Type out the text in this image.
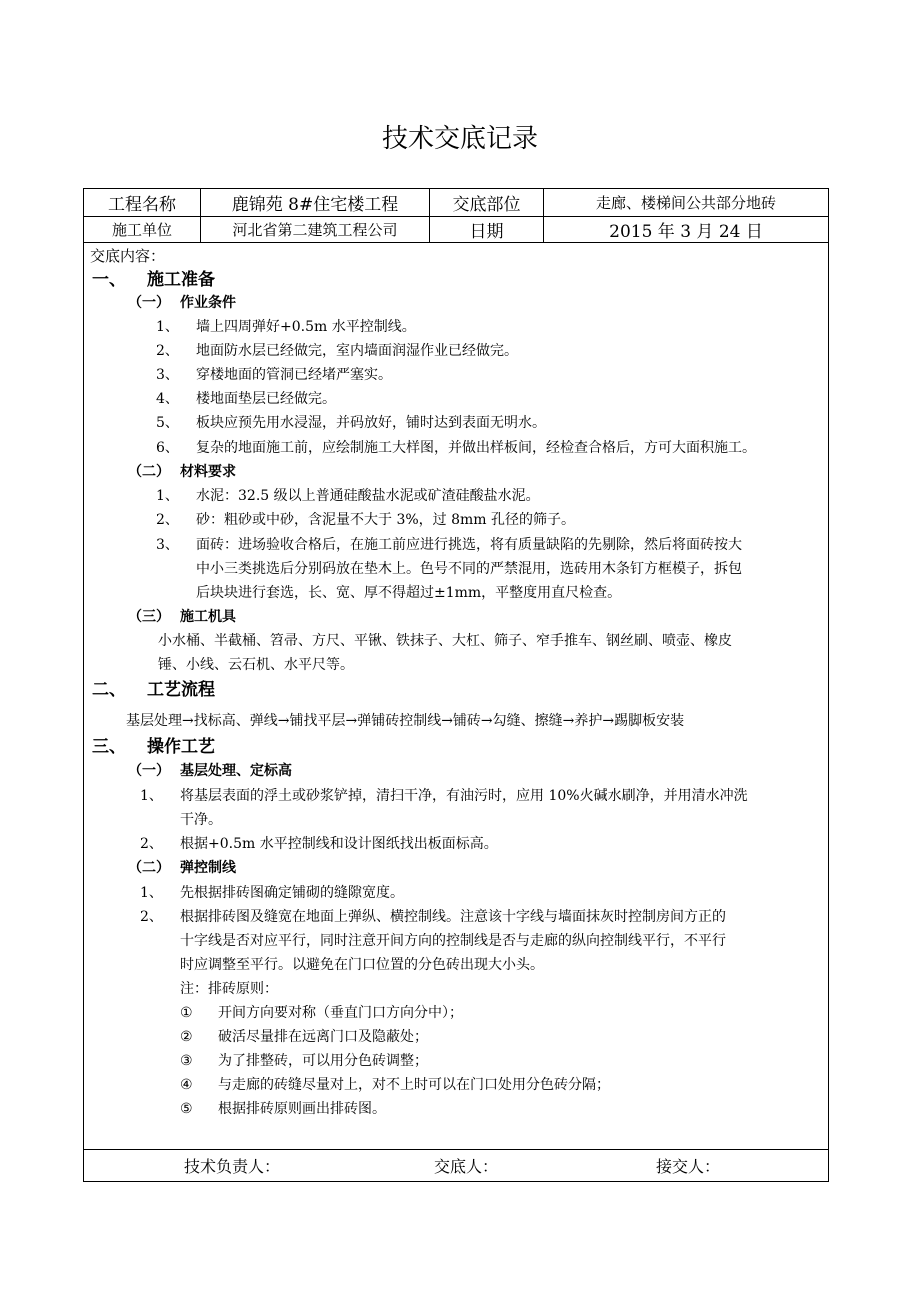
技术交底记录
工程名称	鹿锦苑 8#住宅楼工程	交底部位	走廊、楼梯间公共部分地砖
施工单位	河北省第二建筑工程公司	日期	2015 年 3 月 24 日
交底内容：
一、 施工准备
（一） 作业条件
1、 墙上四周弹好+0.5m 水平控制线。
2、 地面防水层已经做完，室内墙面润湿作业已经做完。
3、 穿楼地面的管洞已经堵严塞实。
4、 楼地面垫层已经做完。
5、 板块应预先用水浸湿，并码放好，铺时达到表面无明水。
6、 复杂的地面施工前，应绘制施工大样图，并做出样板间，经检查合格后，方可大面积施工。
（二） 材料要求
1、 水泥：32.5 级以上普通硅酸盐水泥或矿渣硅酸盐水泥。
2、 砂：粗砂或中砂，含泥量不大于 3%，过 8mm 孔径的筛子。
3、 面砖：进场验收合格后，在施工前应进行挑选，将有质量缺陷的先剔除，然后将面砖按大
中小三类挑选后分别码放在垫木上。色号不同的严禁混用，选砖用木条钉方框模子，拆包
后块块进行套选，长、宽、厚不得超过±1mm，平整度用直尺检查。
（三） 施工机具
小水桶、半截桶、笤帚、方尺、平锹、铁抹子、大杠、筛子、窄手推车、钢丝刷、喷壶、橡皮
锤、小线、云石机、水平尺等。
二、 工艺流程
基层处理→找标高、弹线→铺找平层→弹铺砖控制线→铺砖→勾缝、擦缝→养护→踢脚板安装
三、 操作工艺
（一） 基层处理、定标高
1、 将基层表面的浮土或砂浆铲掉，清扫干净，有油污时，应用 10%火碱水刷净，并用清水冲洗
干净。
2、 根据+0.5m 水平控制线和设计图纸找出板面标高。
（二） 弹控制线
1、 先根据排砖图确定铺砌的缝隙宽度。
2、 根据排砖图及缝宽在地面上弹纵、横控制线。注意该十字线与墙面抹灰时控制房间方正的
十字线是否对应平行，同时注意开间方向的控制线是否与走廊的纵向控制线平行，不平行
时应调整至平行。以避免在门口位置的分色砖出现大小头。
注：排砖原则：
① 开间方向要对称（垂直门口方向分中）；
② 破活尽量排在远离门口及隐蔽处；
③ 为了排整砖，可以用分色砖调整；
④ 与走廊的砖缝尽量对上，对不上时可以在门口处用分色砖分隔；
⑤ 根据排砖原则画出排砖图。
技术负责人：	交底人：	接交人：
